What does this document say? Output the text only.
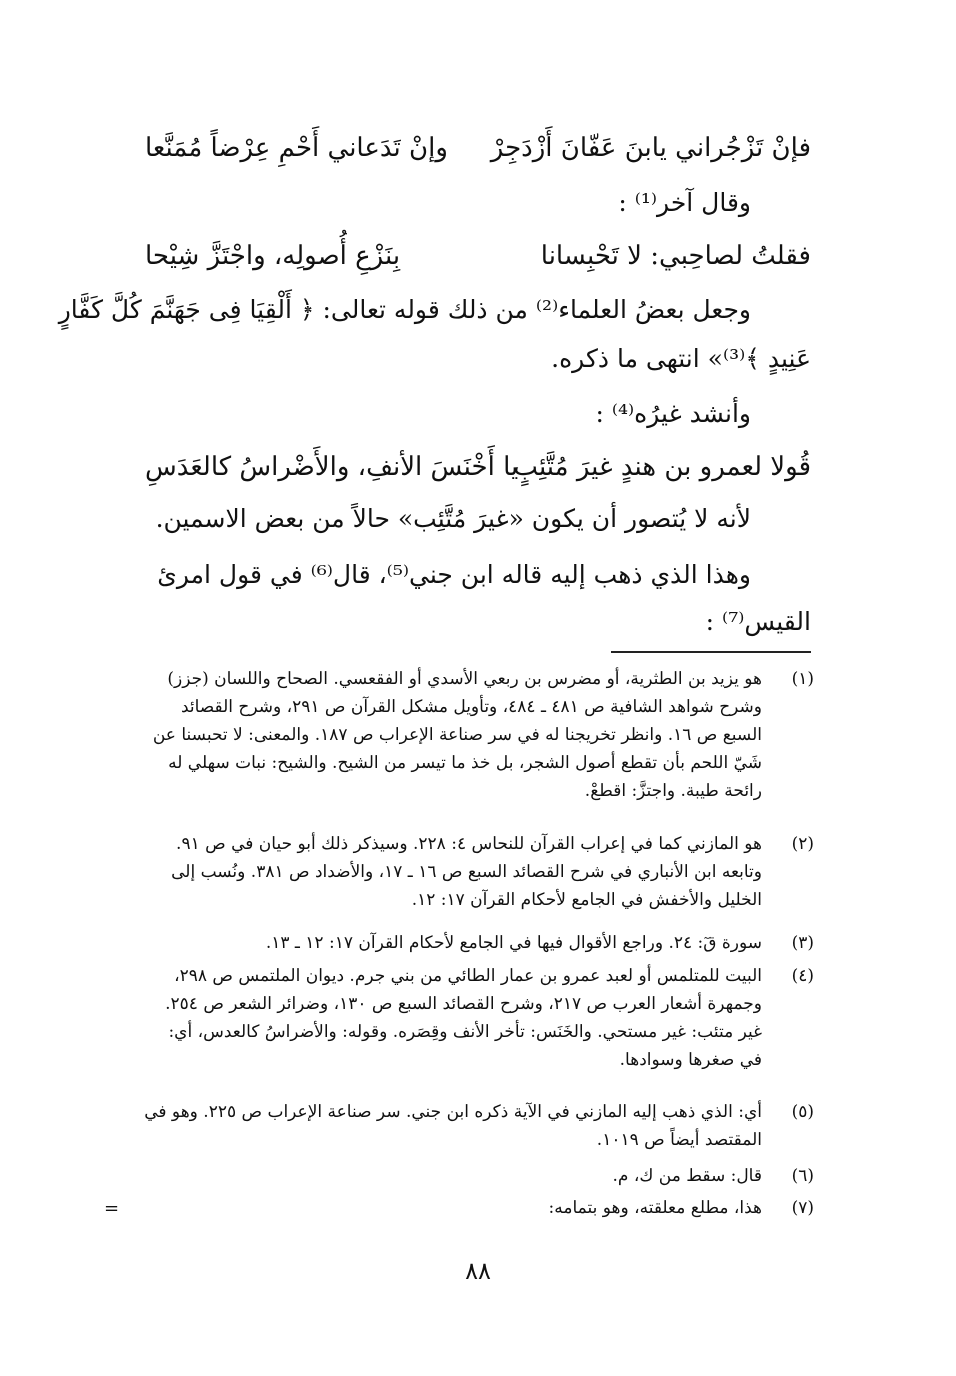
فإنْ تَزْجُراني يابنَ عَفّانَ أَزْدَجِرْ
وإنْ تَدَعاني أَحْمِ عِرْضاً مُمَنَّعا
وقال آخر⁽¹⁾ :
فقلتُ لصاحِبي: لا تَحْبِسانا
بِنَزْعِ أُصولِه، واجْتَزَّ شِيْحا
وجعل بعضُ العلماء⁽²⁾ من ذلك قوله تعالى: ﴿ أَلْقِيَا فِى جَهَنَّمَ كُلَّ كَفَّارٍ
عَنِيدٍ ﴾⁽³⁾» انتهى ما ذكره.
وأنشد غيرُه⁽⁴⁾ :
قُولا لعمرو بن هندٍ غيرَ مُتَّئِبٍ
يا أَخْنَسَ الأنفِ، والأَضْراسُ كالعَدَسِ
لأنه لا يُتصور أن يكون «غيرَ مُتَّئِب» حالاً من بعض الاسمين.
وهذا الذي ذهب إليه قاله ابن جني⁽⁵⁾، قال⁽⁶⁾ في قول امرئ
القيس⁽⁷⁾ :
(١)
هو يزيد بن الطثرية، أو مضرس بن ربعي الأسدي أو الفقعسي. الصحاح واللسان (جزز) وشرح شواهد الشافية ص ٤٨١ ـ ٤٨٤، وتأويل مشكل القرآن ص ٢٩١، وشرح القصائد السبع ص ١٦. وانظر تخريجنا له في سر صناعة الإعراب ص ١٨٧. والمعنى: لا تحبسنا عن شَيّ اللحم بأن تقطع أصول الشجر، بل خذ ما تيسر من الشيح. والشيح: نبات سهلي له رائحة طيبة. واجتزَّ: اقطعْ.
(٢)
هو المازني كما في إعراب القرآن للنحاس ٤: ٢٢٨. وسيذكر ذلك أبو حيان في ص ٩١. وتابعه ابن الأنباري في شرح القصائد السبع ص ١٦ ـ ١٧، والأضداد ص ٣٨١. ونُسب إلى الخليل والأخفش في الجامع لأحكام القرآن ١٧: ١٢.
(٣)
سورة قٓ: ٢٤. وراجع الأقوال فيها في الجامع لأحكام القرآن ١٧: ١٢ ـ ١٣.
(٤)
البيت للمتلمس أو لعبد عمرو بن عمار الطائي من بني جرم. ديوان الملتمس ص ٢٩٨، وجمهرة أشعار العرب ص ٢١٧، وشرح القصائد السبع ص ١٣٠، وضرائر الشعر ص ٢٥٤. غير متئب: غير مستحي. والخَنَس: تأخر الأنف وقِصَره. وقوله: والأضراسُ كالعدس، أي: في صغرها وسوادها.
(٥)
أي: الذي ذهب إليه المازني في الآية ذكره ابن جني. سر صناعة الإعراب ص ٢٢٥. وهو في المقتصد أيضاً ص ١٠١٩.
(٦)
قال: سقط من ك، م.
(٧)
هذا، مطلع معلقته، وهو بتمامه:
=
٨٨
